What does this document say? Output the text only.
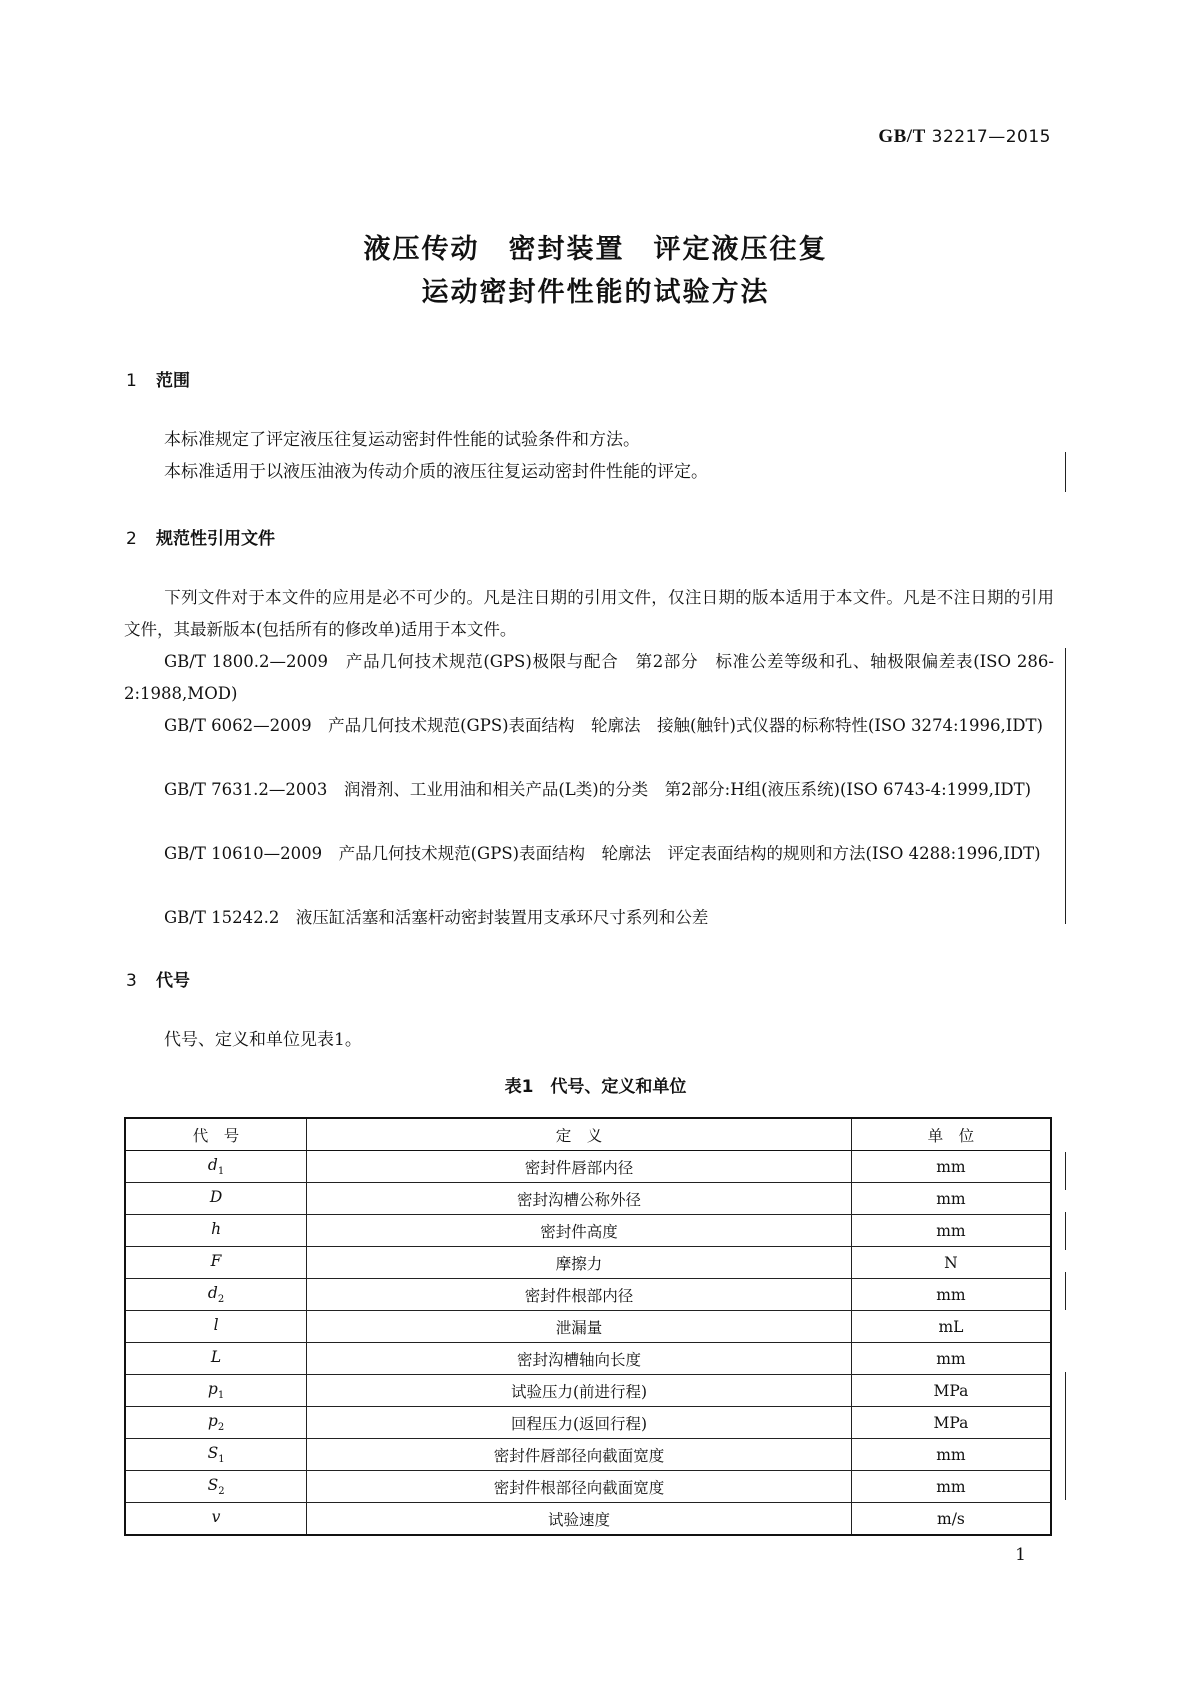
GB/T 32217—2015
液压传动　密封装置　评定液压往复
运动密封件性能的试验方法
1 范围
本标准规定了评定液压往复运动密封件性能的试验条件和方法。
本标准适用于以液压油液为传动介质的液压往复运动密封件性能的评定。
2 规范性引用文件
下列文件对于本文件的应用是必不可少的。凡是注日期的引用文件，仅注日期的版本适用于本文件。凡是不注日期的引用文件，其最新版本(包括所有的修改单)适用于本文件。
GB/T 1800.2—2009　产品几何技术规范(GPS)极限与配合　第2部分　标准公差等级和孔、轴极限偏差表(ISO 286-2:1988,MOD)
GB/T 6062—2009　产品几何技术规范(GPS)表面结构　轮廓法　接触(触针)式仪器的标称特性(ISO 3274:1996,IDT)
GB/T 7631.2—2003　润滑剂、工业用油和相关产品(L类)的分类　第2部分:H组(液压系统)(ISO 6743-4:1999,IDT)
GB/T 10610—2009　产品几何技术规范(GPS)表面结构　轮廓法　评定表面结构的规则和方法(ISO 4288:1996,IDT)
GB/T 15242.2　液压缸活塞和活塞杆动密封装置用支承环尺寸系列和公差
3 代号
代号、定义和单位见表1。
表1　代号、定义和单位
代　号	定　义	单　位
$d_1$	密封件唇部内径	mm
D	密封沟槽公称外径	mm
h	密封件高度	mm
F	摩擦力	N
$d_2$	密封件根部内径	mm
l	泄漏量	mL
L	密封沟槽轴向长度	mm
$p_1$	试验压力(前进行程)	MPa
$p_2$	回程压力(返回行程)	MPa
$S_1$	密封件唇部径向截面宽度	mm
$S_2$	密封件根部径向截面宽度	mm
v	试验速度	m/s
1
